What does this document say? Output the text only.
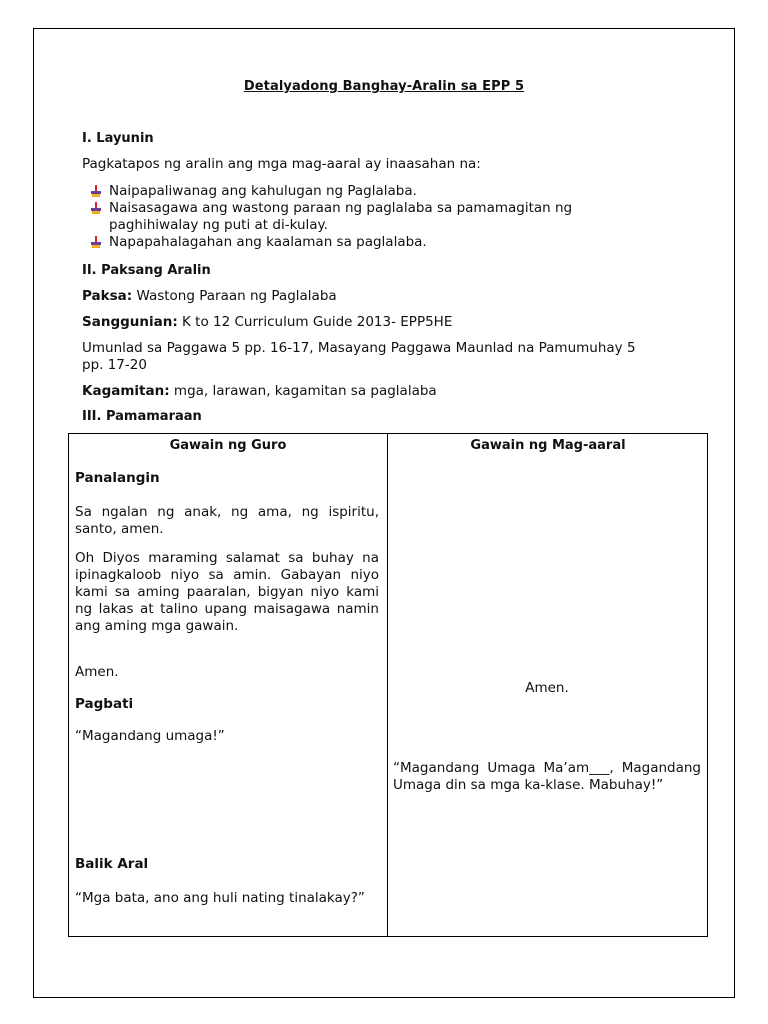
Detalyadong Banghay-Aralin sa EPP 5

I. Layunin

Pagkatapos ng aralin ang mga mag-aaral ay inaasahan na:

Naipapaliwanag ang kahulugan ng Paglalaba.
Naisasagawa ang wastong paraan ng paglalaba sa pamamagitan ng paghihiwalay ng puti at di-kulay.
Napapahalagahan ang kaalaman sa paglalaba.

II. Paksang Aralin

Paksa: Wastong Paraan ng Paglalaba

Sanggunian: K to 12 Curriculum Guide 2013- EPP5HE

Umunlad sa Paggawa 5 pp. 16-17, Masayang Paggawa Maunlad na Pamumuhay 5 pp. 17-20

Kagamitan: mga, larawan, kagamitan sa paglalaba

III. Pamamaraan

Gawain ng Guro
Panalangin
Sa ngalan ng anak, ng ama, ng ispiritu, santo, amen.
Oh Diyos maraming salamat sa buhay na ipinagkaloob niyo sa amin. Gabayan niyo kami sa aming paaralan, bigyan niyo kami ng lakas at talino upang maisagawa namin ang aming mga gawain.
Amen.
Pagbati
“Magandang umaga!”
Balik Aral
“Mga bata, ano ang huli nating tinalakay?”
Gawain ng Mag-aaral
Amen.
“Magandang Umaga Ma’am___, Magandang Umaga din sa mga ka-klase. Mabuhay!”
